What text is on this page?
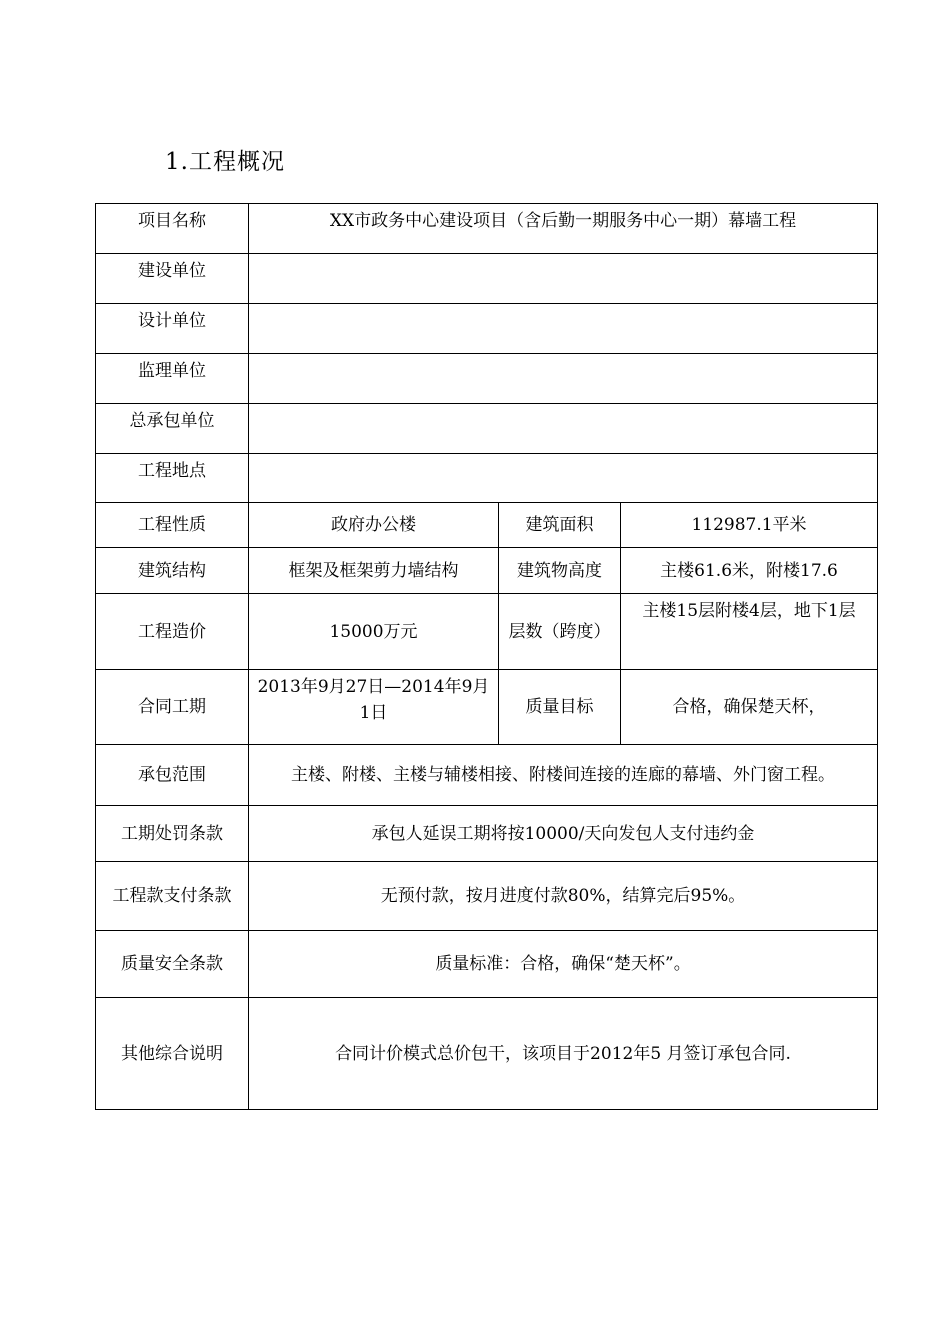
1.工程概况
项目名称	XX市政务中心建设项目（含后勤一期服务中心一期）幕墙工程		
建设单位			
设计单位			
监理单位			
总承包单位			
工程地点			
工程性质	政府办公楼	建筑面积	112987.1平米
建筑结构	框架及框架剪力墙结构	建筑物高度	主楼61.6米，附楼17.6
工程造价	15000万元	层数（跨度）	主楼15层附楼4层，地下1层
合同工期	2013年9月27日—2014年9月1日	质量目标	合格，确保楚天杯，
承包范围	主楼、附楼、主楼与辅楼相接、附楼间连接的连廊的幕墙、外门窗工程。		
工期处罚条款	承包人延误工期将按10000/天向发包人支付违约金		
工程款支付条款	无预付款，按月进度付款80%，结算完后95%。		
质量安全条款	质量标准：合格，确保“楚天杯”。		
其他综合说明	合同计价模式总价包干，该项目于2012年5 月签订承包合同.		
